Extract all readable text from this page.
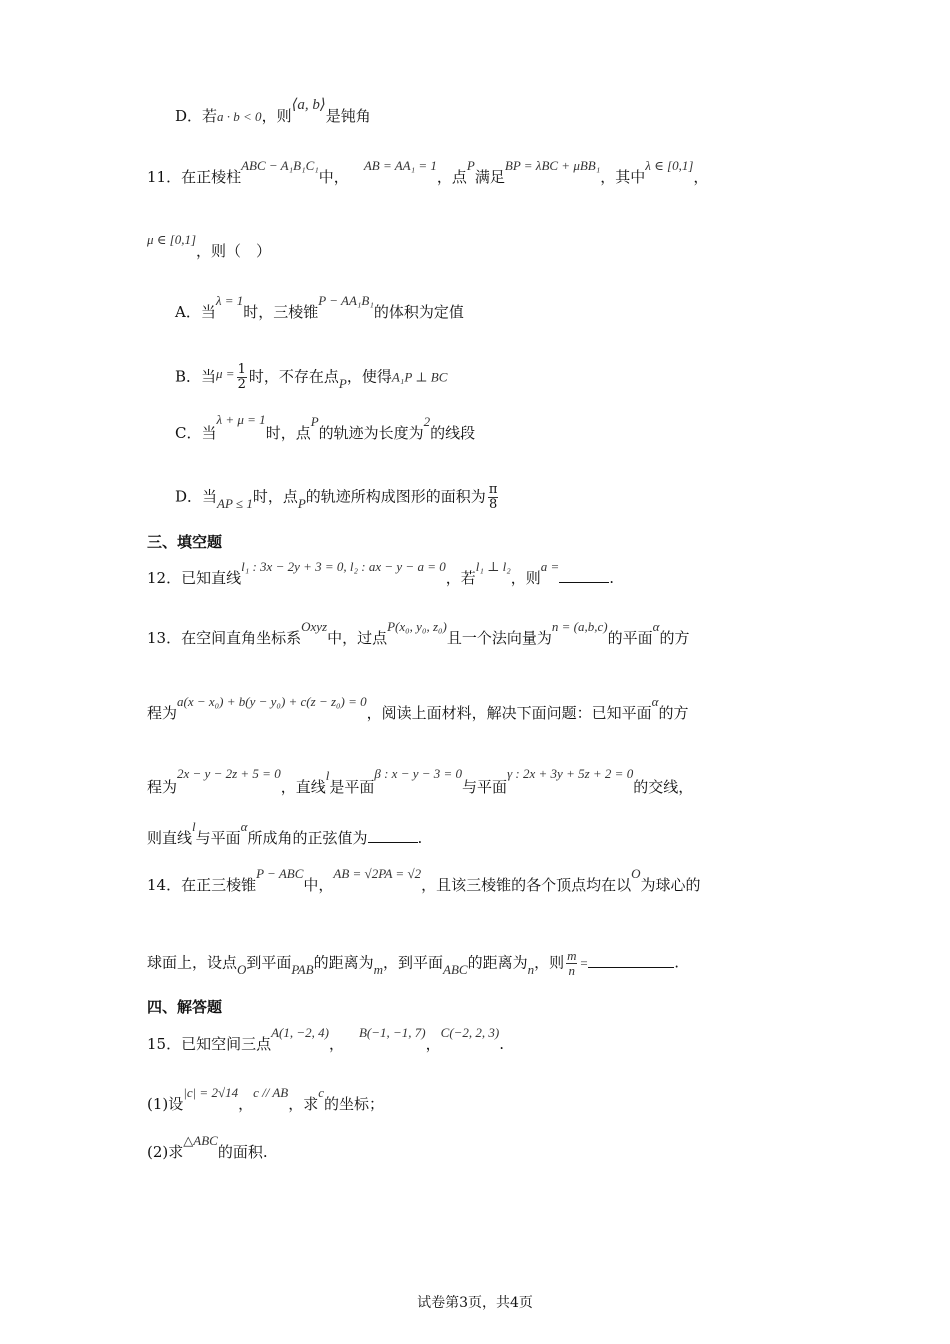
D．若a · b < 0，则⟨a, b⟩是钝角
11．在正棱柱ABC − A₁B₁C₁中， AB = AA₁ = 1，点P满足BP = λBC + μBB₁，其中λ ∈ [0,1]，
μ ∈ [0,1]，则（　）
A．当λ = 1时，三棱锥P − AA₁B₁的体积为定值
B．当$\mu = \frac{1}{2}$ 时，不存在点P，使得A₁P ⊥ BC
C．当λ + μ = 1时，点P的轨迹为长度为2的线段
D．当AP ≤ 1时，点P的轨迹所构成图形的面积为 $\frac{\pi}{8}$
三、填空题
12．已知直线l₁ : 3x − 2y + 3 = 0, l₂ : ax − y − a = 0，若l₁ ⊥ l₂，则a =.
13．在空间直角坐标系Oxyz中，过点P(x₀, y₀, z₀)且一个法向量为n = (a,b,c)的平面α的方
程为a(x − x₀) + b(y − y₀) + c(z − z₀) = 0，阅读上面材料，解决下面问题：已知平面α的方
程为2x − y − 2z + 5 = 0，直线l是平面β : x − y − 3 = 0与平面γ : 2x + 3y + 5z + 2 = 0的交线，
则直线l与平面α所成角的正弦值为	.
14．在正三棱锥P − ABC中，AB = √2PA = √2，且该三棱锥的各个顶点均在以O为球心的
球面上，设点O到平面PAB的距离为m，到平面ABC的距离为n，则 $\frac{m}{n}$ =	.
四、解答题
15．已知空间三点A(1, −2, 4)， B(−1, −1, 7)，C(−2, 2, 3).
(1)设|c| = 2√14，c // AB，求c的坐标；
(2)求△ABC的面积.
试卷第3页，共4页
